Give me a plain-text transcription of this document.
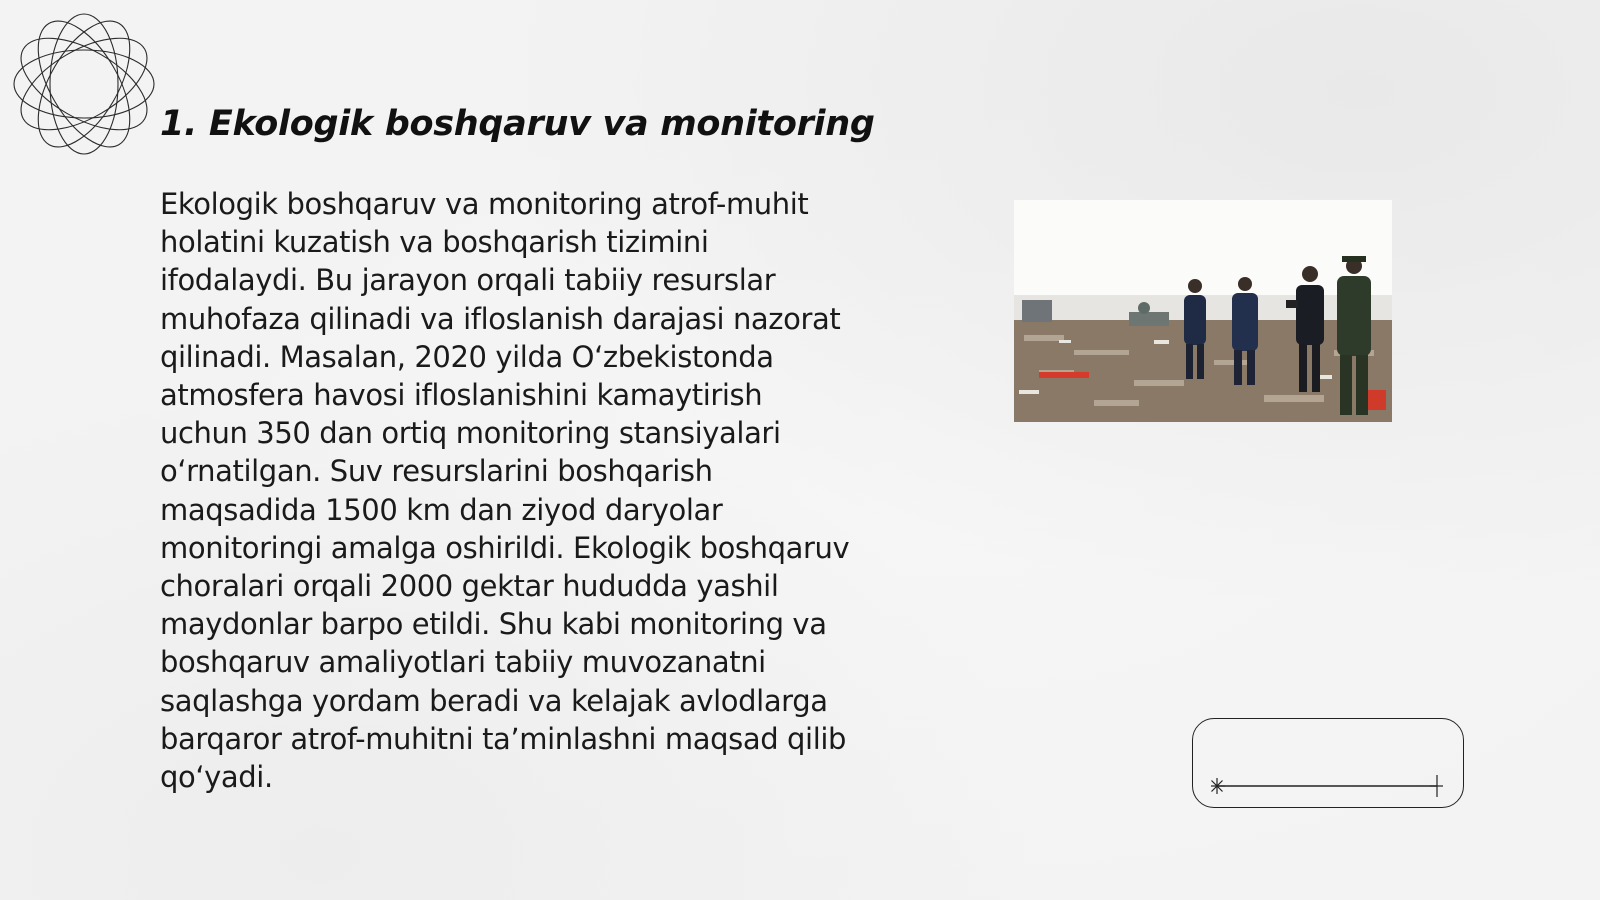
1. Ekologik boshqaruv va monitoring

Ekologik boshqaruv va monitoring atrof-muhit holatini kuzatish va boshqarish tizimini ifodalaydi. Bu jarayon orqali tabiiy resurslar muhofaza qilinadi va ifloslanish darajasi nazorat qilinadi. Masalan, 2020 yilda Oʻzbekistonda atmosfera havosi ifloslanishini kamaytirish uchun 350 dan ortiq monitoring stansiyalari oʻrnatilgan. Suv resurslarini boshqarish maqsadida 1500 km dan ziyod daryolar monitoringi amalga oshirildi. Ekologik boshqaruv choralari orqali 2000 gektar hududda yashil maydonlar barpo etildi. Shu kabi monitoring va boshqaruv amaliyotlari tabiiy muvozanatni saqlashga yordam beradi va kelajak avlodlarga barqaror atrof-muhitni taʼminlashni maqsad qilib qoʻyadi.
